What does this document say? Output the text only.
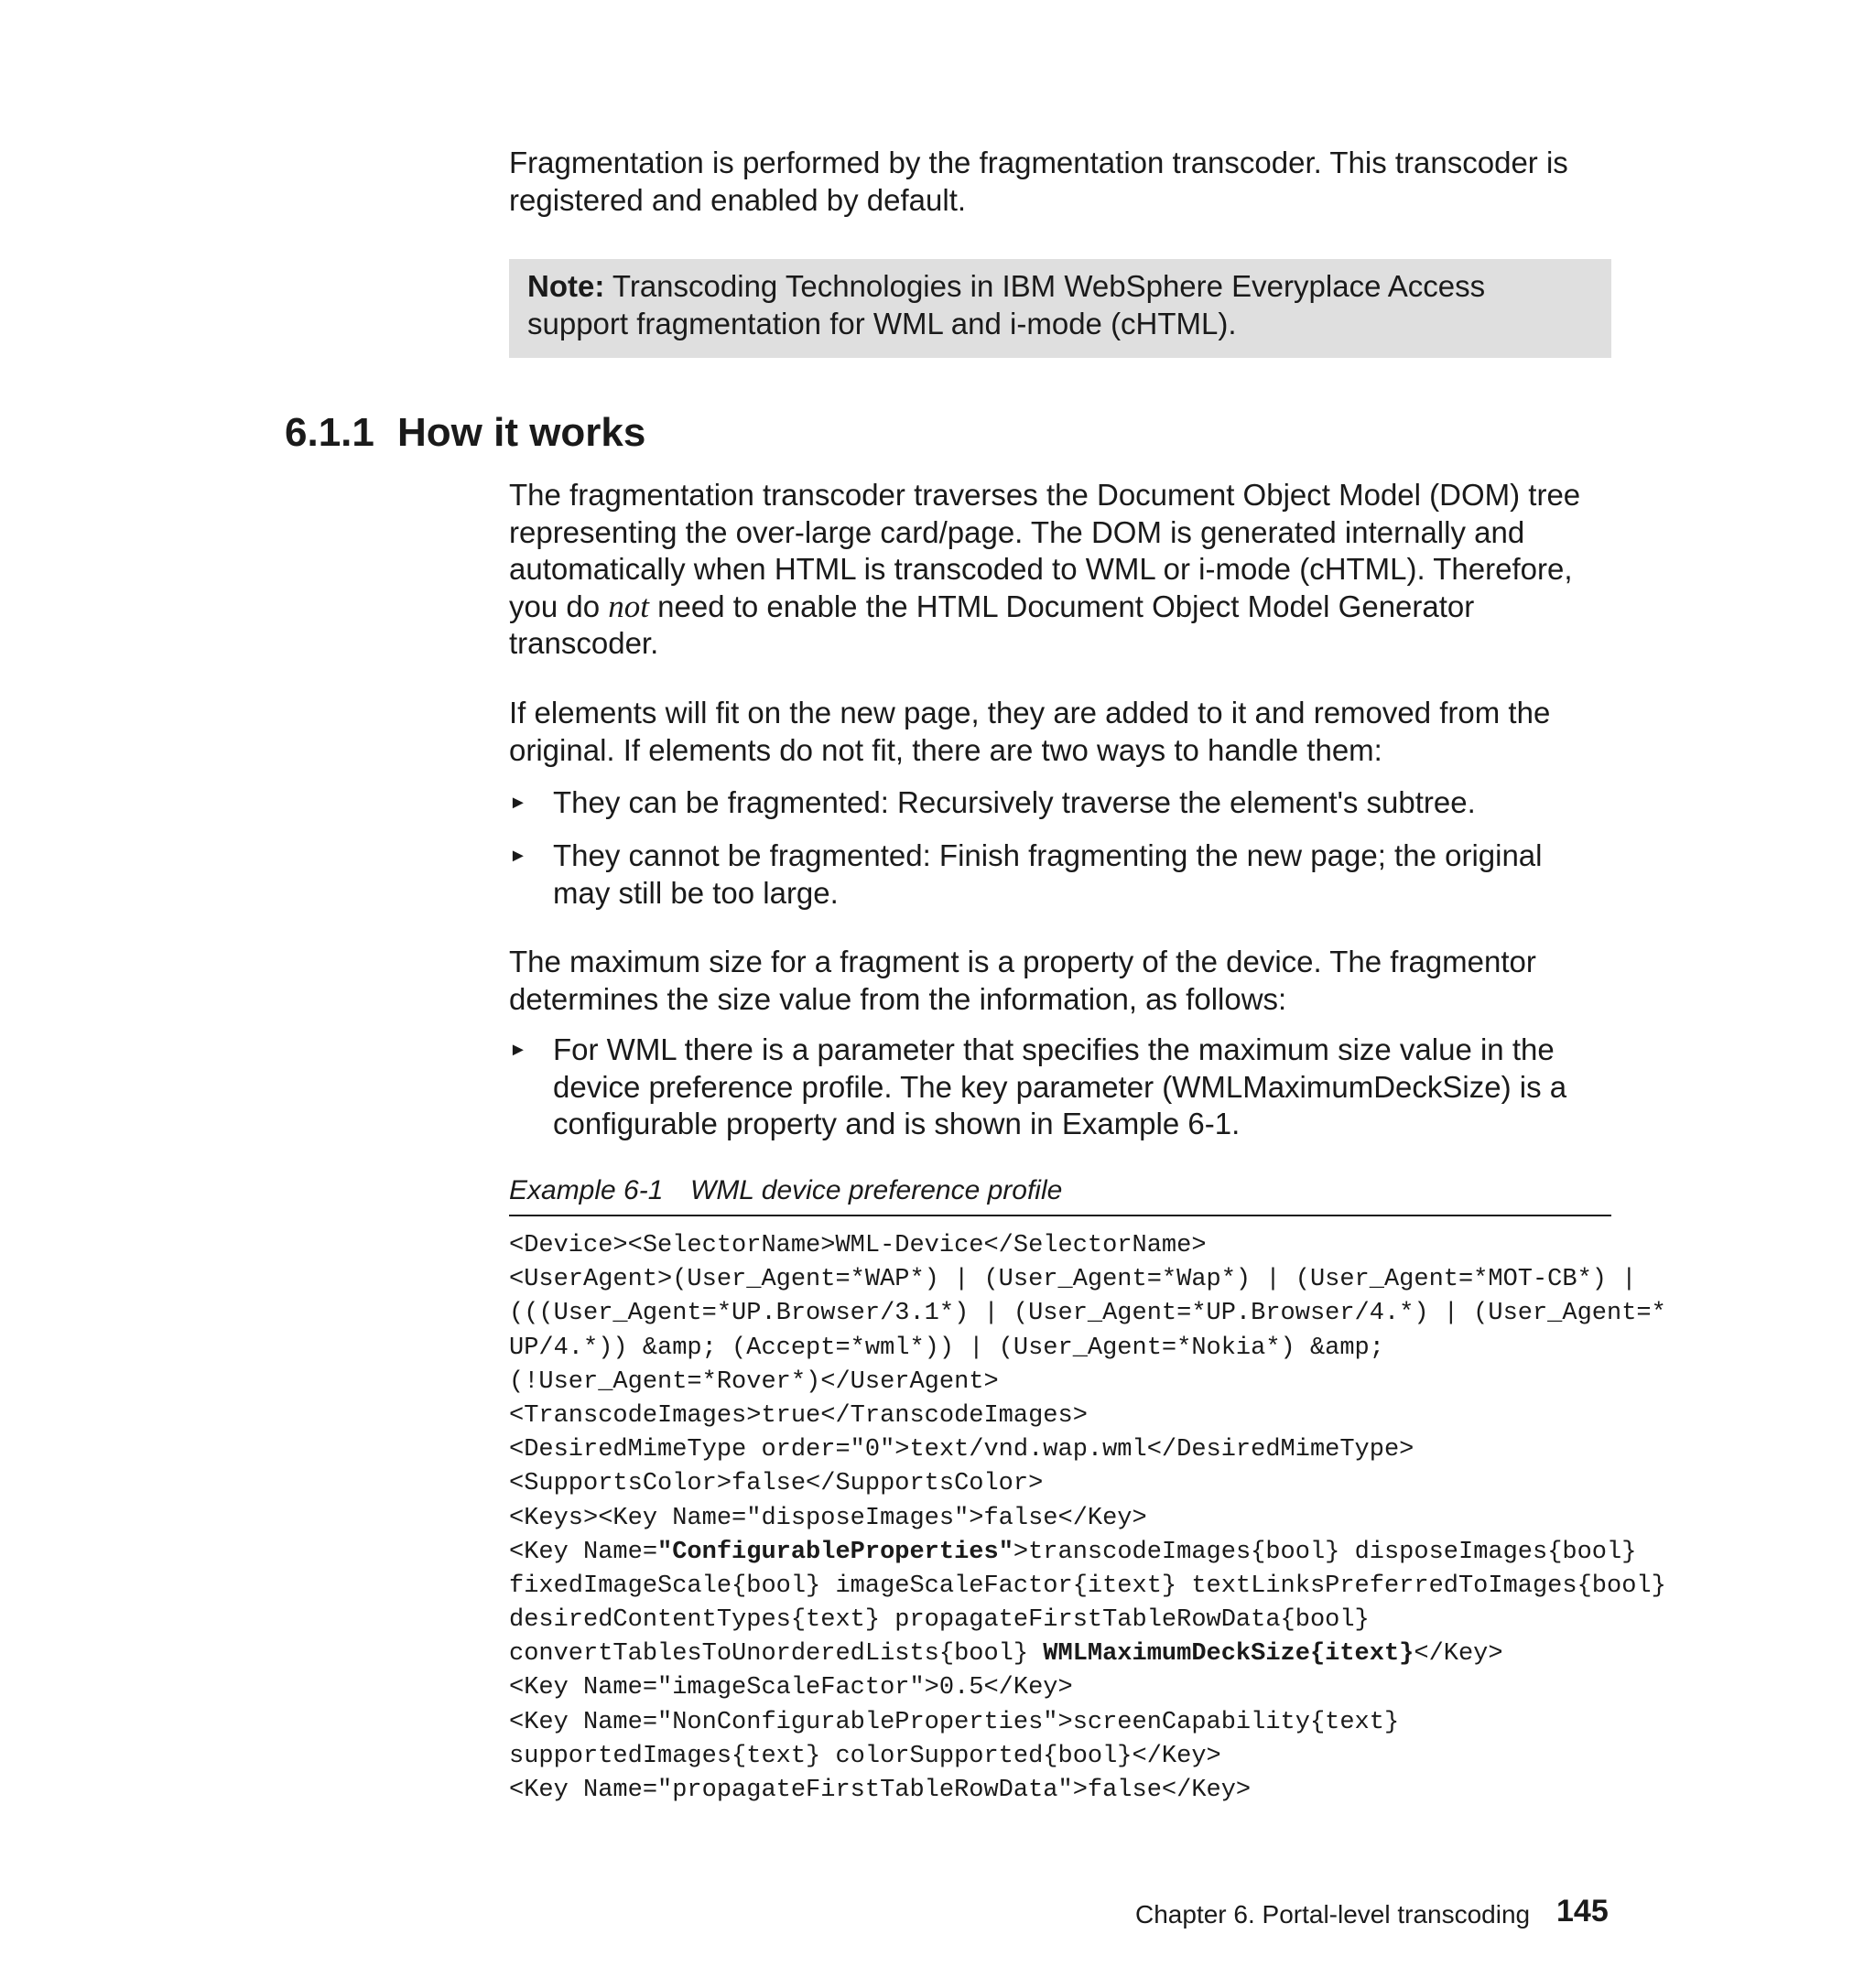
Fragmentation is performed by the fragmentation transcoder. This transcoder is

registered and enabled by default.

Note: Transcoding Technologies in IBM WebSphere Everyplace Access

support fragmentation for WML and i-mode (cHTML).

6.1.1 How it works

The fragmentation transcoder traverses the Document Object Model (DOM) tree

representing the over-large card/page. The DOM is generated internally and

automatically when HTML is transcoded to WML or i-mode (cHTML). Therefore,

you do not need to enable the HTML Document Object Model Generator

transcoder.

If elements will fit on the new page, they are added to it and removed from the

original. If elements do not fit, there are two ways to handle them:

► They can be fragmented: Recursively traverse the element's subtree.

► They cannot be fragmented: Finish fragmenting the new page; the original

may still be too large.

The maximum size for a fragment is a property of the device. The fragmentor

determines the size value from the information, as follows:

► For WML there is a parameter that specifies the maximum size value in the

device preference profile. The key parameter (WMLMaximumDeckSize) is a

configurable property and is shown in Example 6-1.

Example 6-1 WML device preference profile
<Device><SelectorName>WML-Device</SelectorName>
<UserAgent>(User_Agent=*WAP*) | (User_Agent=*Wap*) | (User_Agent=*MOT-CB*) |
(((User_Agent=*UP.Browser/3.1*) | (User_Agent=*UP.Browser/4.*) | (User_Agent=*
UP/4.*)) &amp; (Accept=*wml*)) | (User_Agent=*Nokia*) &amp;
(!User_Agent=*Rover*)</UserAgent>
<TranscodeImages>true</TranscodeImages>
<DesiredMimeType order="0">text/vnd.wap.wml</DesiredMimeType>
<SupportsColor>false</SupportsColor>
<Keys><Key Name="disposeImages">false</Key>
<Key Name="ConfigurableProperties">transcodeImages{bool} disposeImages{bool}
fixedImageScale{bool} imageScaleFactor{itext} textLinksPreferredToImages{bool}
desiredContentTypes{text} propagateFirstTableRowData{bool}
convertTablesToUnorderedLists{bool} WMLMaximumDeckSize{itext}</Key>
<Key Name="imageScaleFactor">0.5</Key>
<Key Name="NonConfigurableProperties">screenCapability{text}
supportedImages{text} colorSupported{bool}</Key>
<Key Name="propagateFirstTableRowData">false</Key>
Chapter 6. Portal-level transcoding 145
